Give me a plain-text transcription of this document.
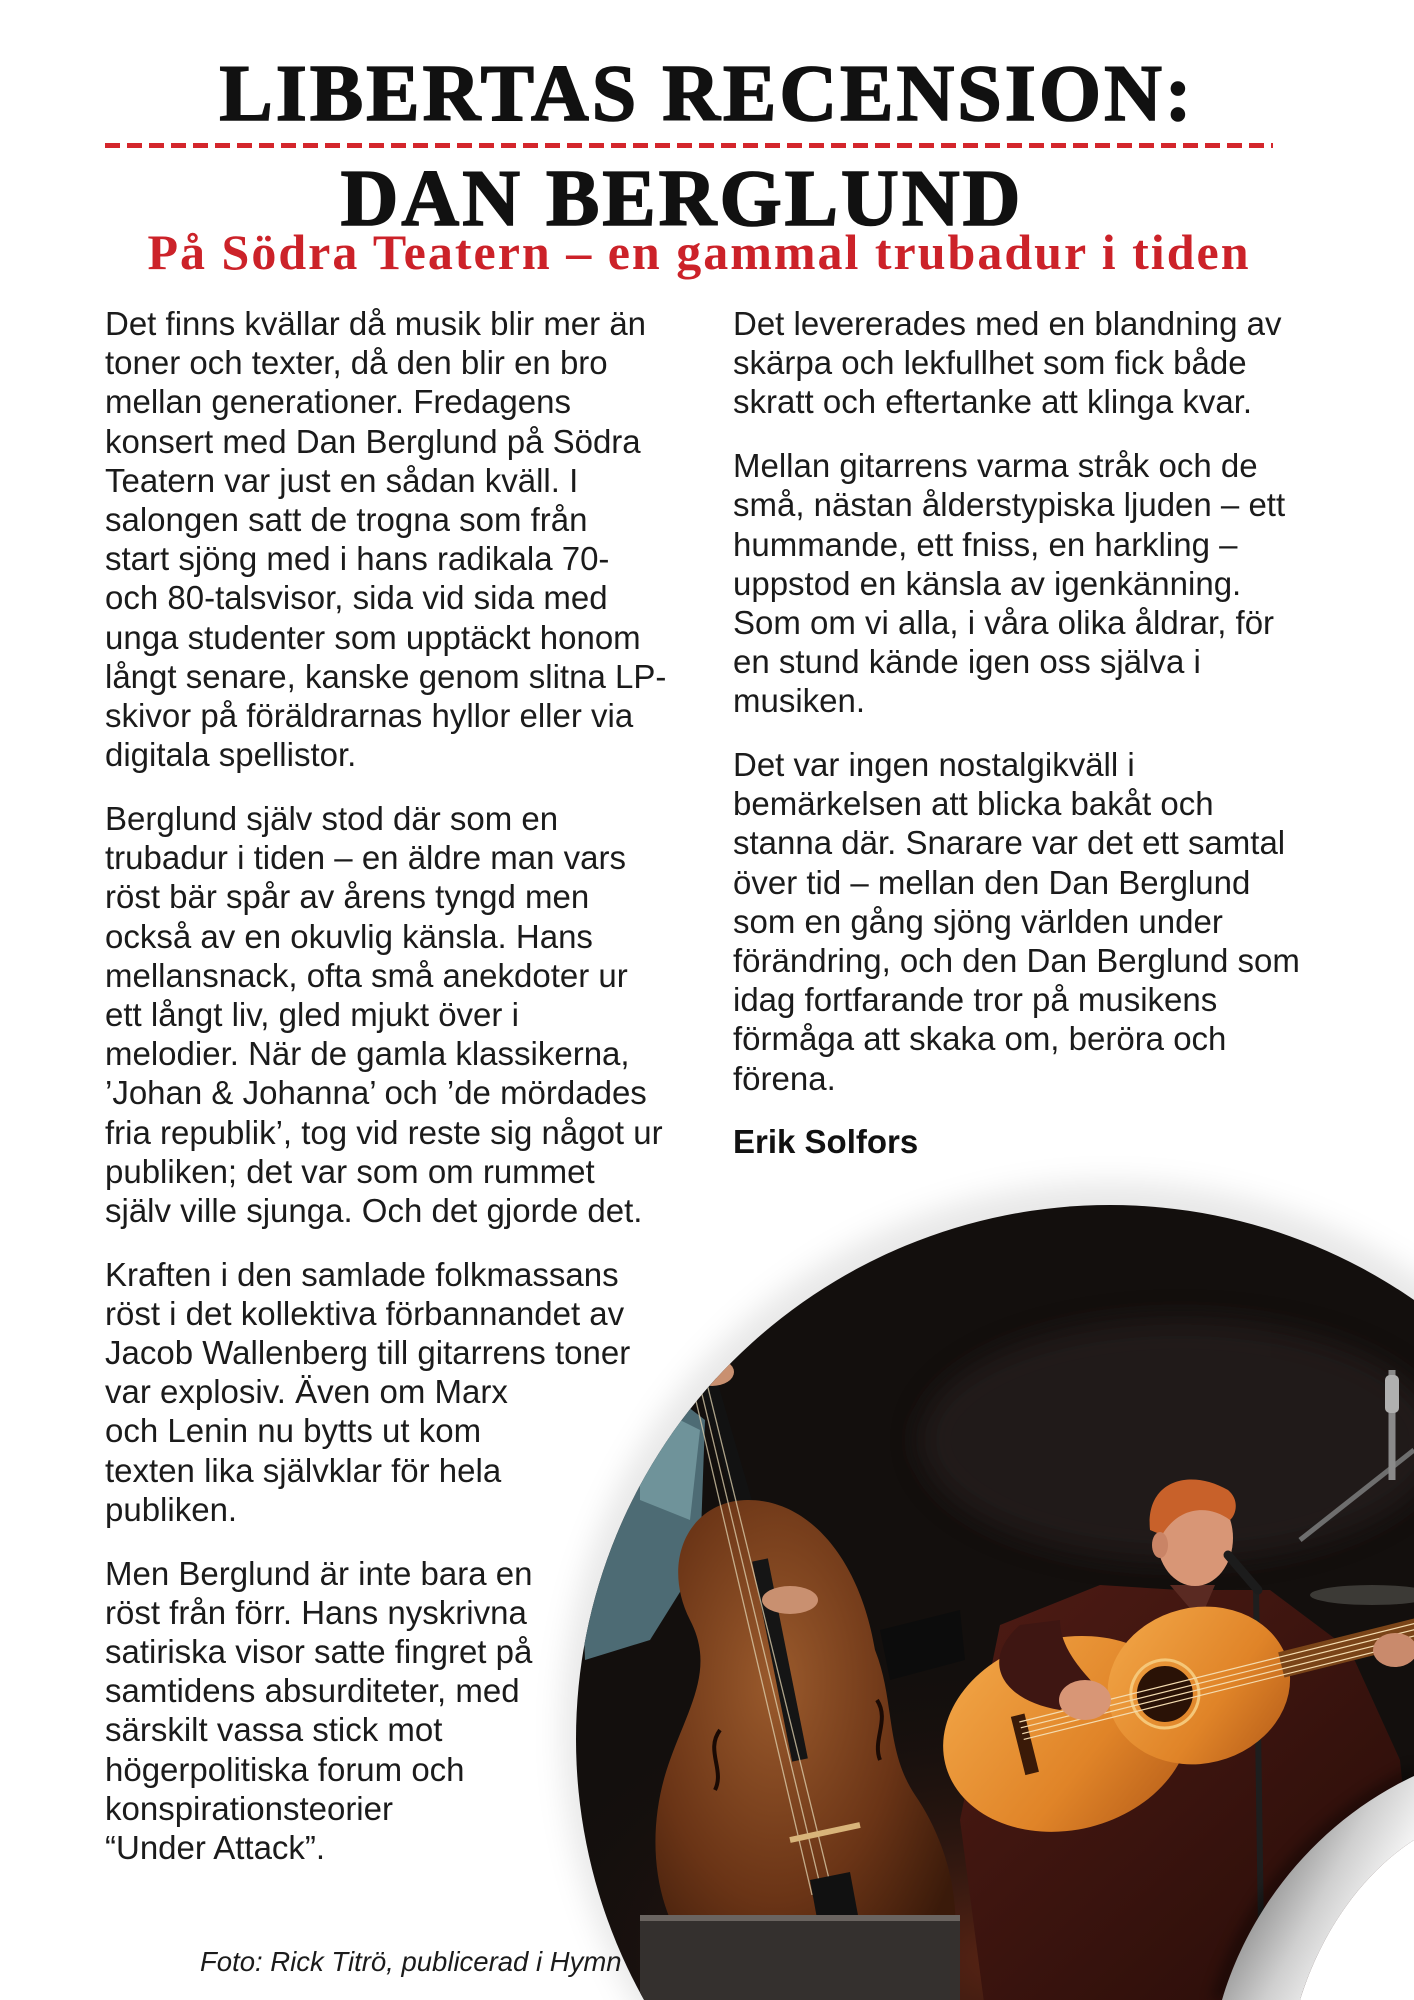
LIBERTAS RECENSION:
DAN BERGLUND
På Södra Teatern – en gammal trubadur i tiden

Det finns kvällar då musik blir mer än
toner och texter, då den blir en bro
mellan generationer. Fredagens
konsert med Dan Berglund på Södra
Teatern var just en sådan kväll. I
salongen satt de trogna som från
start sjöng med i hans radikala 70-
och 80-talsvisor, sida vid sida med
unga studenter som upptäckt honom
långt senare, kanske genom slitna LP-
skivor på föräldrarnas hyllor eller via
digitala spellistor.

Berglund själv stod där som en
trubadur i tiden – en äldre man vars
röst bär spår av årens tyngd men
också av en okuvlig känsla. Hans
mellansnack, ofta små anekdoter ur
ett långt liv, gled mjukt över i
melodier. När de gamla klassikerna,
’Johan & Johanna’ och ’de mördades
fria republik’, tog vid reste sig något ur
publiken; det var som om rummet
själv ville sjunga. Och det gjorde det.

Kraften i den samlade folkmassans
röst i det kollektiva förbannandet av
Jacob Wallenberg till gitarrens toner
var explosiv. Även om Marx
och Lenin nu bytts ut kom
texten lika självklar för hela
publiken.

Men Berglund är inte bara en
röst från förr. Hans nyskrivna
satiriska visor satte fingret på
samtidens absurditeter, med
särskilt vassa stick mot
högerpolitiska forum och
konspirationsteorier
“Under Attack”.

Det levererades med en blandning av
skärpa och lekfullhet som fick både
skratt och eftertanke att klinga kvar.

Mellan gitarrens varma stråk och de
små, nästan ålderstypiska ljuden – ett
hummande, ett fniss, en harkling –
uppstod en känsla av igenkänning.
Som om vi alla, i våra olika åldrar, för
en stund kände igen oss själva i
musiken.

Det var ingen nostalgikväll i
bemärkelsen att blicka bakåt och
stanna där. Snarare var det ett samtal
över tid – mellan den Dan Berglund
som en gång sjöng världen under
förändring, och den Dan Berglund som
idag fortfarande tror på musikens
förmåga att skaka om, beröra och
förena.

Erik Solfors
Foto: Rick Titrö, publicerad i Hymn
